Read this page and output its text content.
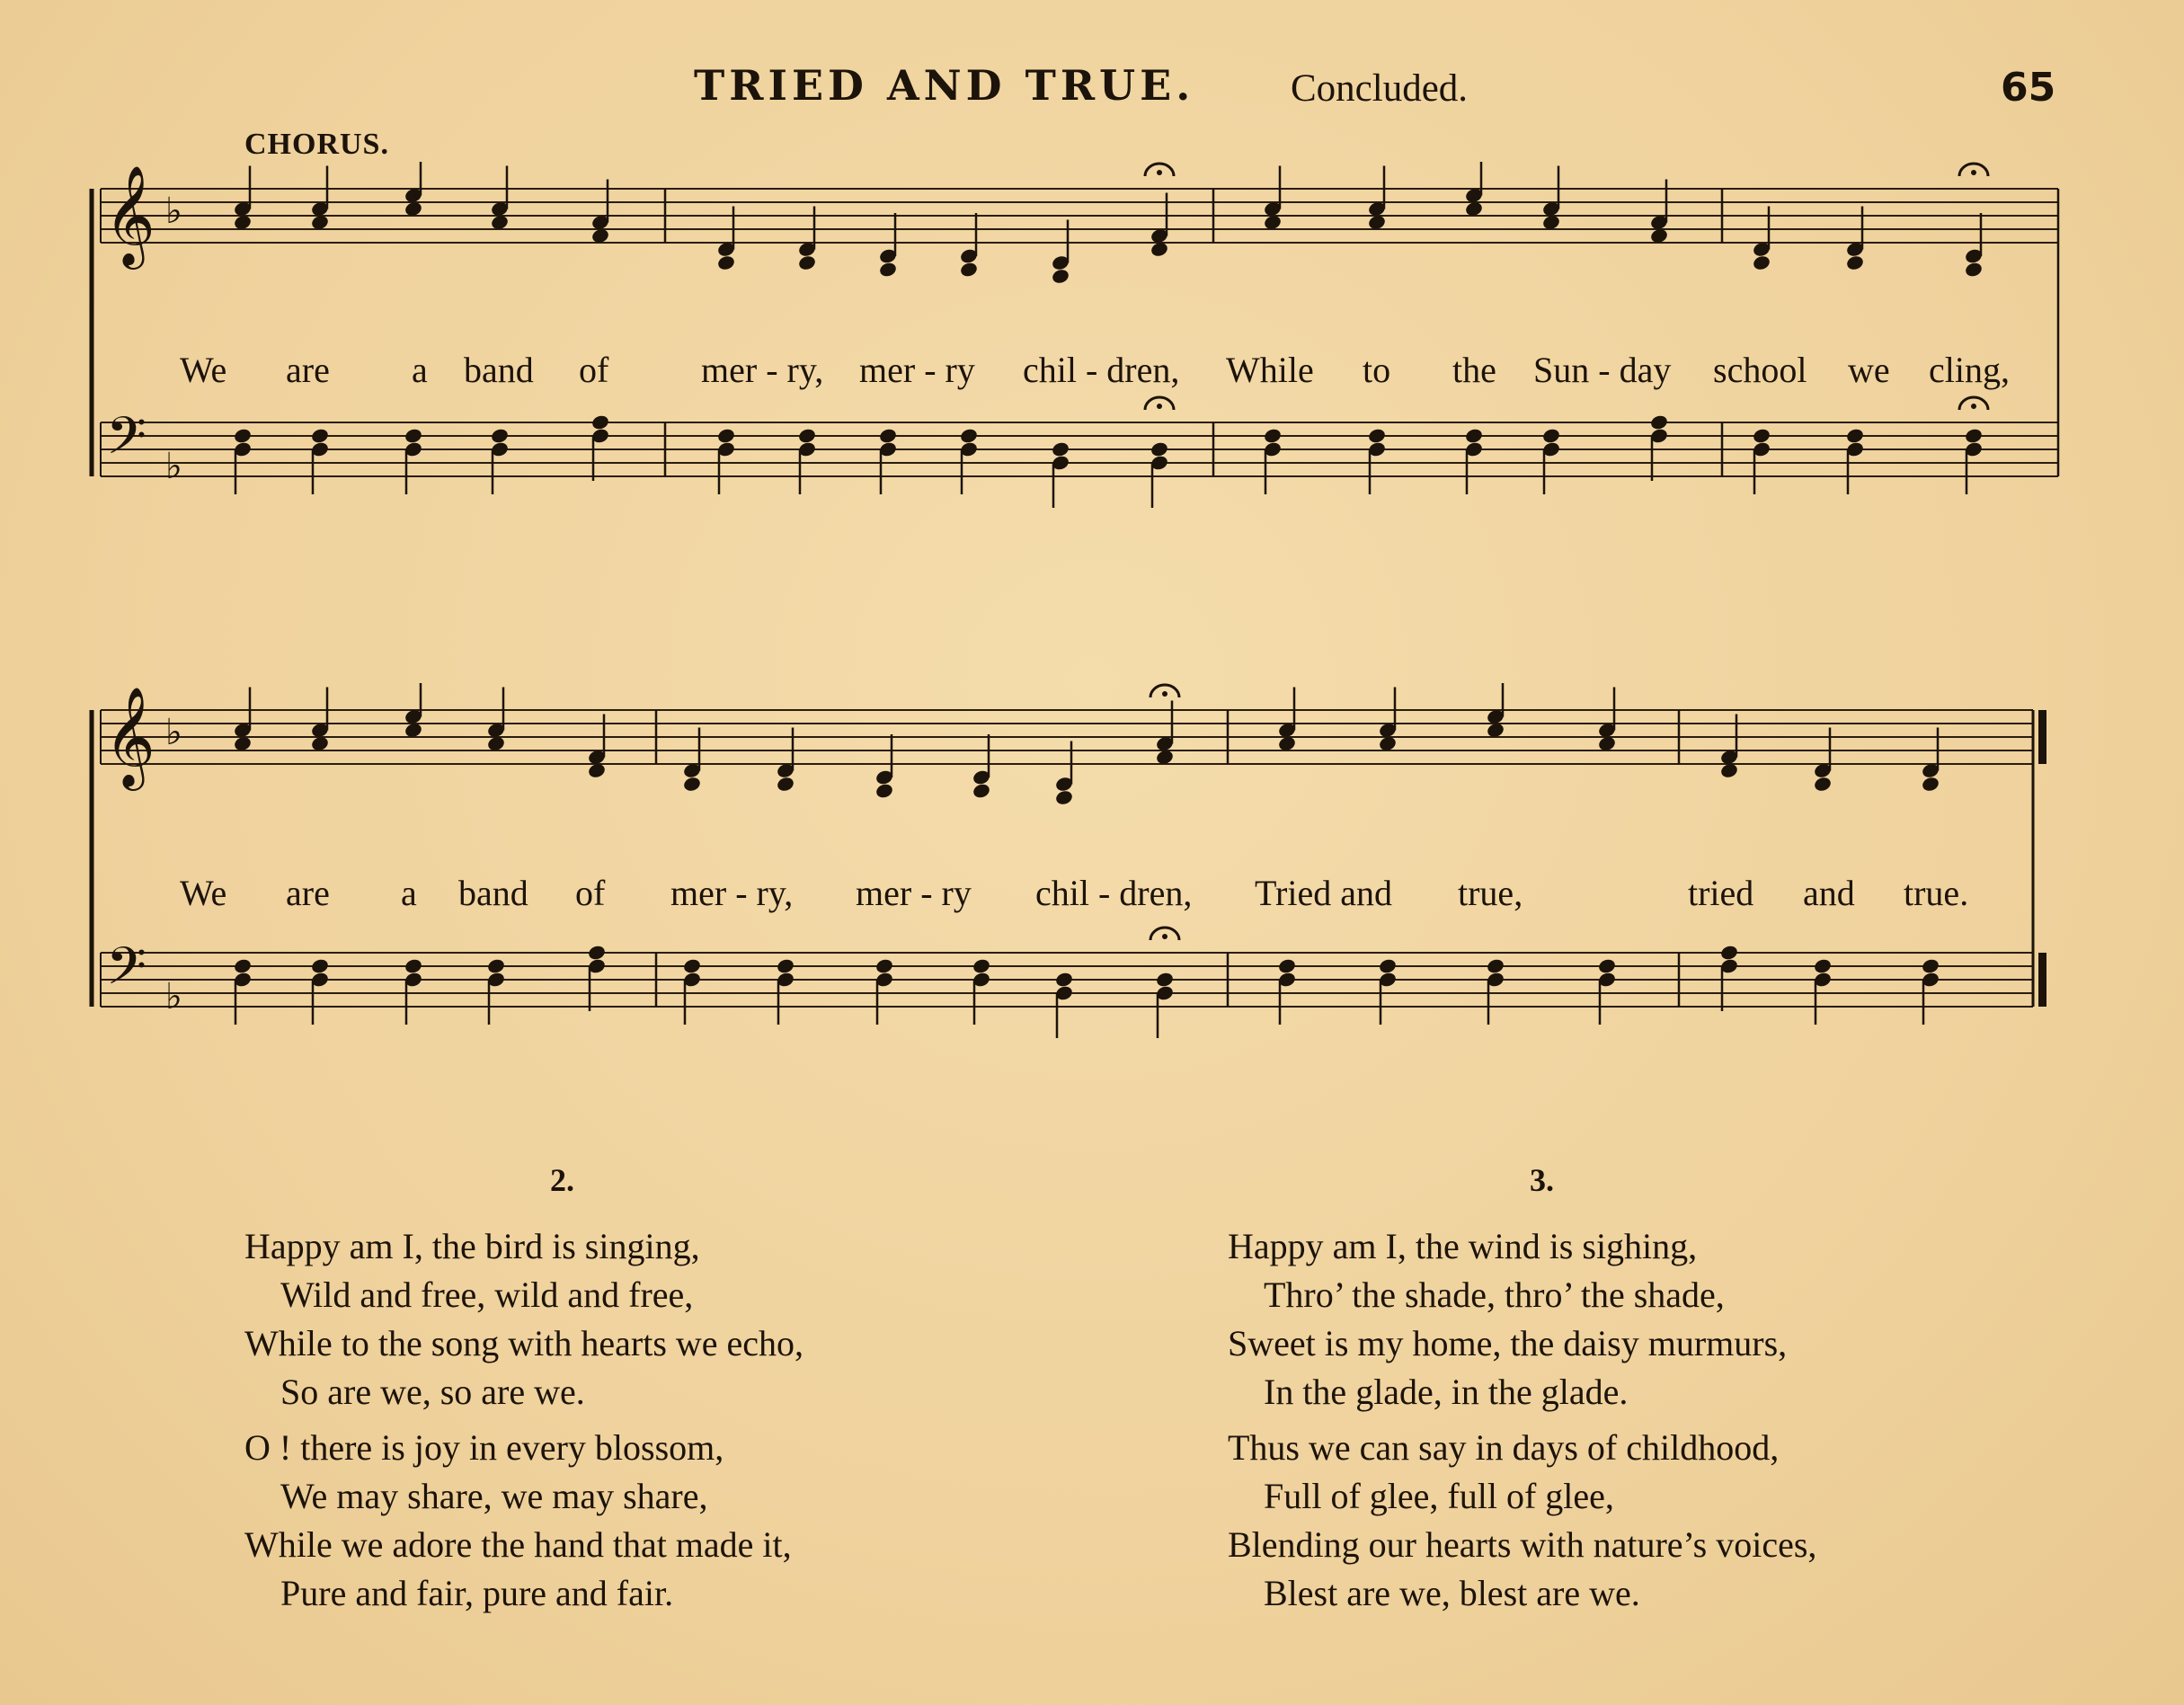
TRIED AND TRUE. Concluded.	65
CHORUS.
𝄞 ♭
𝄢 ♭
We are a band of	mer - ry, mer - ry chil - dren, While to the Sun - day school we cling,
𝄞 ♭
𝄢 ♭
We are a band of mer - ry, mer - ry chil - dren, Tried and true,	tried and true.
2.
Happy am I, the bird is singing,
Wild and free, wild and free,
While to the song with hearts we echo,
So are we, so are we.
O ! there is joy in every blossom,
We may share, we may share,
While we adore the hand that made it,
Pure and fair, pure and fair.
3.
Happy am I, the wind is sighing,
Thro’ the shade, thro’ the shade,
Sweet is my home, the daisy murmurs,
In the glade, in the glade.
Thus we can say in days of childhood,
Full of glee, full of glee,
Blending our hearts with nature’s voices,
Blest are we, blest are we.
